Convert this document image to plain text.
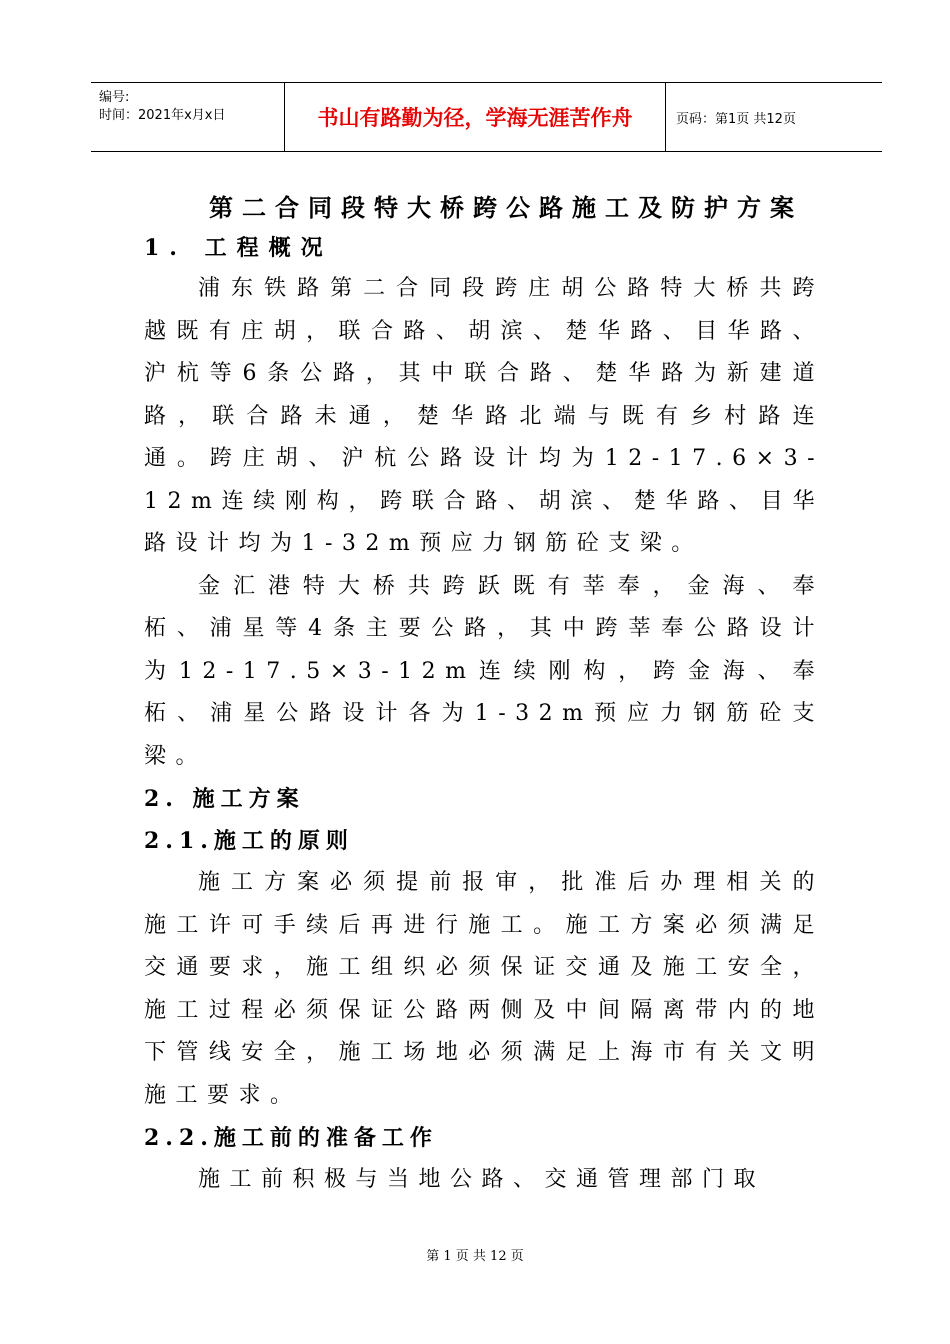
编号:
时间：2021年x月x日	书山有路勤为径，学海无涯苦作舟	页码：第1页 共12页
第二合同段特大桥跨公路施工及防护方案
1. 工程概况

浦东铁路第二合同段跨庄胡公路特大桥共跨越既有庄胡，联合路、胡滨、楚华路、目华路、沪杭等6条公路，其中联合路、楚华路为新建道路，联合路未通，楚华路北端与既有乡村路连通。跨庄胡、沪杭公路设计均为12-17.6×3-12m连续刚构，跨联合路、胡滨、楚华路、目华路设计均为1-32m预应力钢筋砼支梁。

金汇港特大桥共跨跃既有莘奉，金海、奉柘、浦星等4条主要公路，其中跨莘奉公路设计为12-17.5×3-12m连续刚构，跨金海、奉柘、浦星公路设计各为1-32m预应力钢筋砼支梁。

2. 施工方案
2.1.施工的原则

施工方案必须提前报审，批准后办理相关的施工许可手续后再进行施工。施工方案必须满足交通要求，施工组织必须保证交通及施工安全，施工过程必须保证公路两侧及中间隔离带内的地下管线安全，施工场地必须满足上海市有关文明施工要求。

2.2.施工前的准备工作

施工前积极与当地公路、交通管理部门取

第 1 页 共 12 页
